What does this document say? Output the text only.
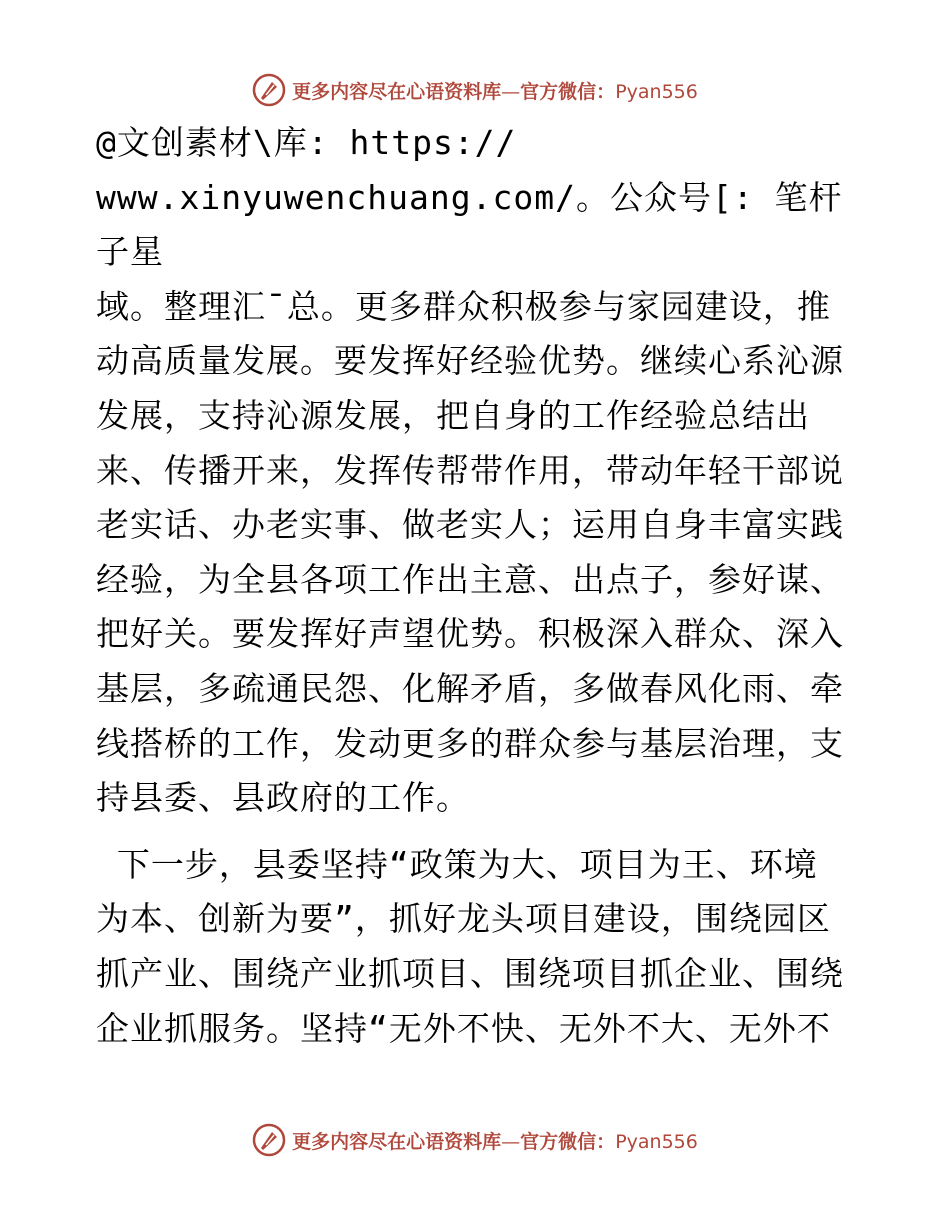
更多内容尽在心语资料库—官方微信：Pyan556

@文创素材\库: https://
www.xinyuwenchuang.com/。公众号[: 笔杆子星
域。整理汇¯总。更多群众积极参与家园建设，推
动高质量发展。要发挥好经验优势。继续心系沁源
发展，支持沁源发展，把自身的工作经验总结出
来、传播开来，发挥传帮带作用，带动年轻干部说
老实话、办老实事、做老实人；运用自身丰富实践
经验，为全县各项工作出主意、出点子，参好谋、
把好关。要发挥好声望优势。积极深入群众、深入
基层，多疏通民怨、化解矛盾，多做春风化雨、牵
线搭桥的工作，发动更多的群众参与基层治理，支
持县委、县政府的工作。

下一步，县委坚持“政策为大、项目为王、环境
为本、创新为要”，抓好龙头项目建设，围绕园区
抓产业、围绕产业抓项目、围绕项目抓企业、围绕
企业抓服务。坚持“无外不快、无外不大、无外不

更多内容尽在心语资料库—官方微信：Pyan556
